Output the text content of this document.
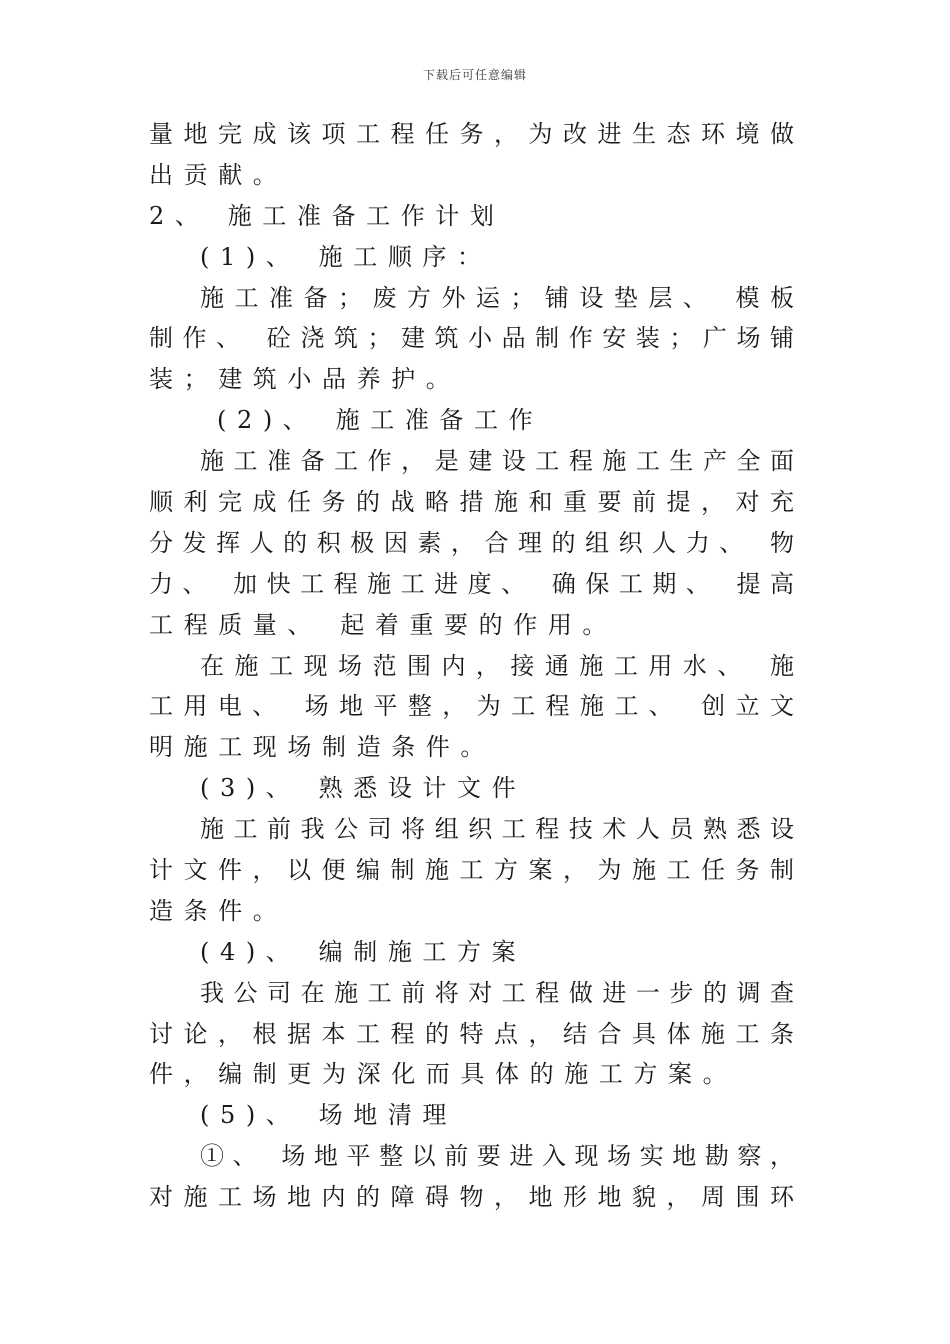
下载后可任意编辑
量地完成该项工程任务，为改进生态环境做
出贡献。
2、 施工准备工作计划
(1)、 施工顺序：
施工准备；废方外运；铺设垫层、 模板
制作、 砼浇筑；建筑小品制作安装；广场铺
装；建筑小品养护。
(2)、 施工准备工作
施工准备工作，是建设工程施工生产全面
顺利完成任务的战略措施和重要前提，对充
分发挥人的积极因素，合理的组织人力、 物
力、 加快工程施工进度、 确保工期、 提高
工程质量、 起着重要的作用。
在施工现场范围内，接通施工用水、 施
工用电、 场地平整，为工程施工、 创立文
明施工现场制造条件。
(3)、 熟悉设计文件
施工前我公司将组织工程技术人员熟悉设
计文件，以便编制施工方案，为施工任务制
造条件。
(4)、 编制施工方案
我公司在施工前将对工程做进一步的调查
讨论，根据本工程的特点，结合具体施工条
件，编制更为深化而具体的施工方案。
(5)、 场地清理
①、 场地平整以前要进入现场实地勘察，
对施工场地内的障碍物，地形地貌，周围环
